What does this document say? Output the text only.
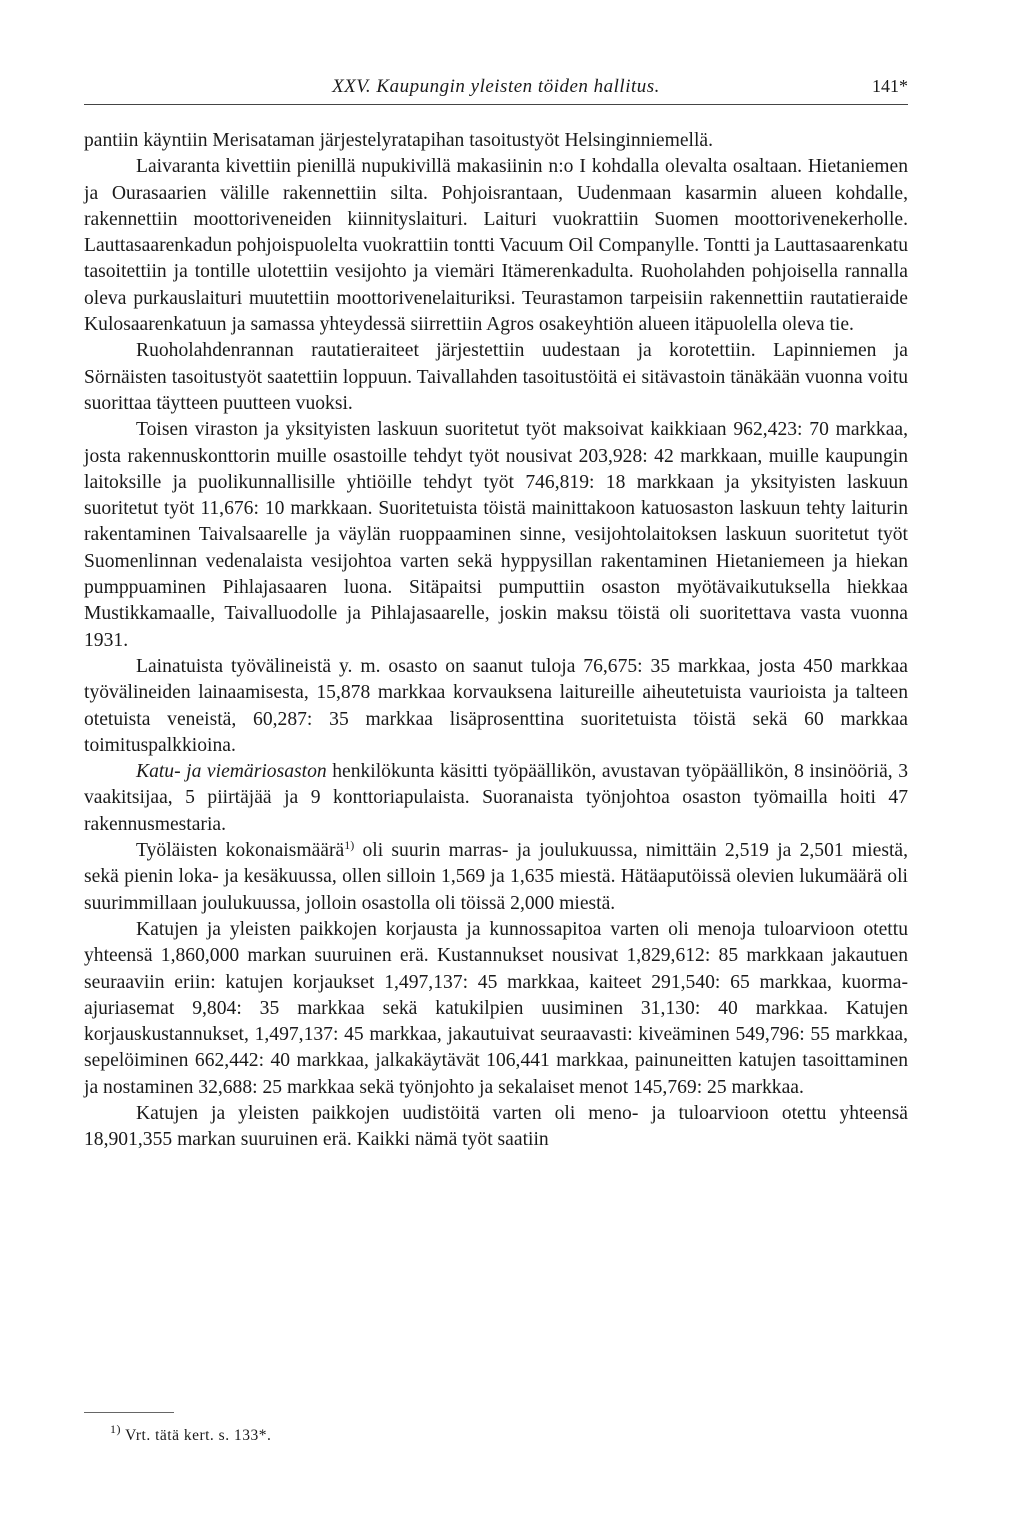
XXV. Kaupungin yleisten töiden hallitus.	141*

pantiin käyntiin Merisataman järjestelyratapihan tasoitustyöt Helsinginniemellä.

Laivaranta kivettiin pienillä nupukivillä makasiinin n:o I kohdalla olevalta osaltaan. Hietaniemen ja Ourasaarien välille rakennettiin silta. Pohjoisrantaan, Uudenmaan kasarmin alueen kohdalle, rakennettiin moottoriveneiden kiinnityslaituri. Laituri vuokrattiin Suomen moottorivenekerholle. Lauttasaarenkadun pohjoispuolelta vuokrattiin tontti Vacuum Oil Companylle. Tontti ja Lauttasaarenkatu tasoitettiin ja tontille ulotettiin vesijohto ja viemäri Itämerenkadulta. Ruoholahden pohjoisella rannalla oleva purkauslaituri muutettiin moottorivenelaituriksi. Teurastamon tarpeisiin rakennettiin rautatieraide Kulosaarenkatuun ja samassa yhteydessä siirrettiin Agros osakeyhtiön alueen itäpuolella oleva tie.

Ruoholahdenrannan rautatieraiteet järjestettiin uudestaan ja korotettiin. Lapinniemen ja Sörnäisten tasoitustyöt saatettiin loppuun. Taivallahden tasoitustöitä ei sitävastoin tänäkään vuonna voitu suorittaa täytteen puutteen vuoksi.

Toisen viraston ja yksityisten laskuun suoritetut työt maksoivat kaikkiaan 962,423: 70 markkaa, josta rakennuskonttorin muille osastoille tehdyt työt nousivat 203,928: 42 markkaan, muille kaupungin laitoksille ja puolikunnallisille yhtiöille tehdyt työt 746,819: 18 markkaan ja yksityisten laskuun suoritetut työt 11,676: 10 markkaan. Suoritetuista töistä mainittakoon katuosaston laskuun tehty laiturin rakentaminen Taivalsaarelle ja väylän ruoppaaminen sinne, vesijohtolaitoksen laskuun suoritetut työt Suomenlinnan vedenalaista vesijohtoa varten sekä hyppysillan rakentaminen Hietaniemeen ja hiekan pumppuaminen Pihlajasaaren luona. Sitäpaitsi pumputtiin osaston myötävaikutuksella hiekkaa Mustikkamaalle, Taivalluodolle ja Pihlajasaarelle, joskin maksu töistä oli suoritettava vasta vuonna 1931.

Lainatuista työvälineistä y. m. osasto on saanut tuloja 76,675: 35 markkaa, josta 450 markkaa työvälineiden lainaamisesta, 15,878 markkaa korvauksena laitureille aiheutetuista vaurioista ja talteen otetuista veneistä, 60,287: 35 markkaa lisäprosenttina suoritetuista töistä sekä 60 markkaa toimituspalkkioina.

Katu- ja viemäriosaston henkilökunta käsitti työpäällikön, avustavan työpäällikön, 8 insinööriä, 3 vaakitsijaa, 5 piirtäjää ja 9 konttoriapulaista. Suoranaista työnjohtoa osaston työmailla hoiti 47 rakennusmestaria.

Työläisten kokonaismäärä$^{1)}$ oli suurin marras- ja joulukuussa, nimittäin 2,519 ja 2,501 miestä, sekä pienin loka- ja kesäkuussa, ollen silloin 1,569 ja 1,635 miestä. Hätäaputöissä olevien lukumäärä oli suurimmillaan joulukuussa, jolloin osastolla oli töissä 2,000 miestä.

Katujen ja yleisten paikkojen korjausta ja kunnossapitoa varten oli menoja tuloarvioon otettu yhteensä 1,860,000 markan suuruinen erä. Kustannukset nousivat 1,829,612: 85 markkaan jakautuen seuraaviin eriin: katujen korjaukset 1,497,137: 45 markkaa, kaiteet 291,540: 65 markkaa, kuorma-ajuriasemat 9,804: 35 markkaa sekä katukilpien uusiminen 31,130: 40 markkaa. Katujen korjauskustannukset, 1,497,137: 45 markkaa, jakautuivat seuraavasti: kiveäminen 549,796: 55 markkaa, sepelöiminen 662,442: 40 markkaa, jalkakäytävät 106,441 markkaa, painuneitten katujen tasoittaminen ja nostaminen 32,688: 25 markkaa sekä työnjohto ja sekalaiset menot 145,769: 25 markkaa.

Katujen ja yleisten paikkojen uudistöitä varten oli meno- ja tuloarvioon otettu yhteensä 18,901,355 markan suuruinen erä. Kaikki nämä työt saatiin

$^{1)}$ Vrt. tätä kert. s. 133*.
